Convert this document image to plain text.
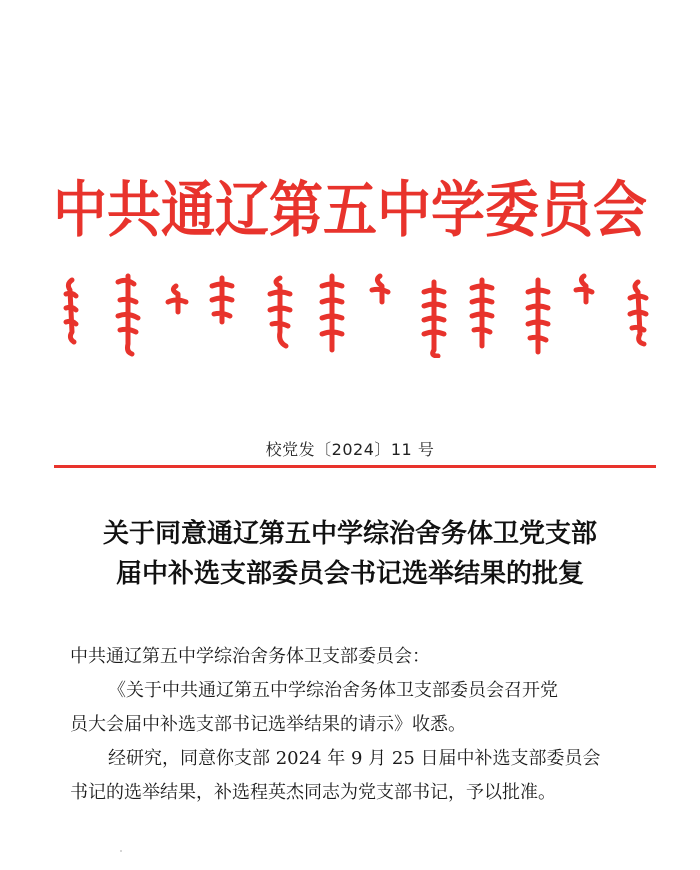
中共通辽第五中学委员会
校党发〔2024〕11 号
关于同意通辽第五中学综治舍务体卫党支部
届中补选支部委员会书记选举结果的批复

中共通辽第五中学综治舍务体卫支部委员会：

《关于中共通辽第五中学综治舍务体卫支部委员会召开党

员大会届中补选支部书记选举结果的请示》收悉。

经研究，同意你支部 2024 年 9 月 25 日届中补选支部委员会

书记的选举结果，补选程英杰同志为党支部书记，予以批准。
